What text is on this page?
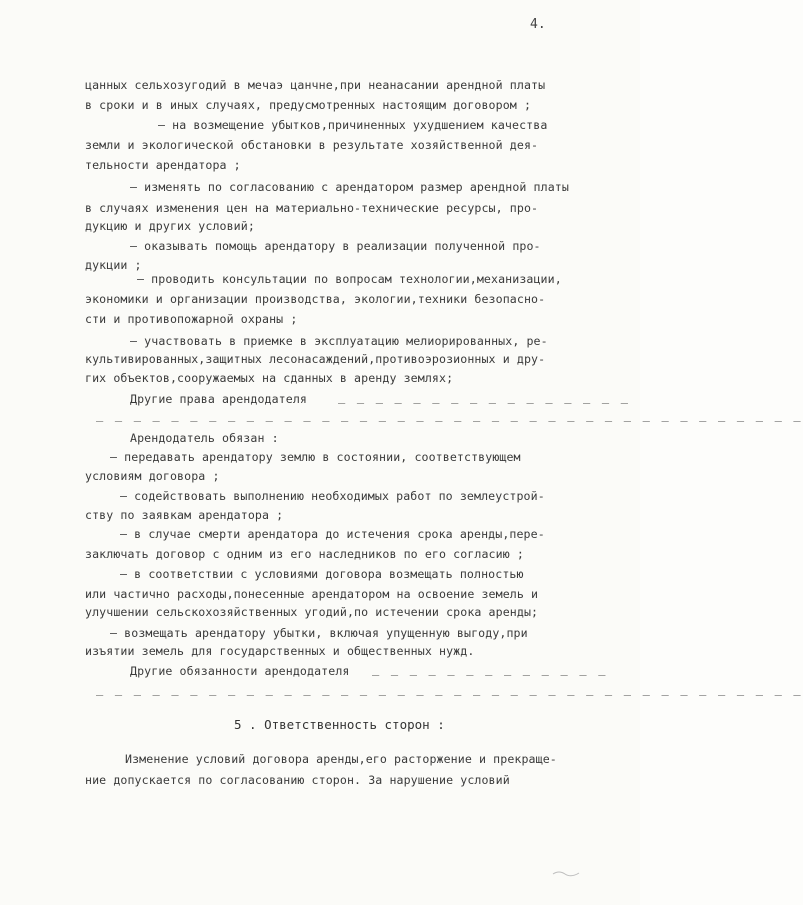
4.
цанных сельхозугодий в мечаэ цанчне,при неанасании арендной платы
в сроки и в иных случаях, предусмотренных настоящим договором ;
– на возмещение убытков,причиненных ухудшением качества
земли и экологической обстановки в результате хозяйственной дея-
тельности арендатора ;
– изменять по согласованию с арендатором размер арендной платы
в случаях изменения цен на материально-технические ресурсы, про-
дукцию и других условий;
– оказывать помощь арендатору в реализации полученной про-
дукции ;
– проводить консультации по вопросам технологии,механизации,
экономики и организации производства, экологии,техники безопасно-
сти и противопожарной охраны ;
– участвовать в приемке в эксплуатацию мелиорированных, ре-
культивированных,защитных лесонасаждений,противоэрозионных и дру-
гих объектов,сооружаемых на сданных в аренду землях;
Другие права арендодателя	_ _ _ _ _ _ _ _ _ _ _ _ _ _ _ _
_ _ _ _ _ _ _ _ _ _ _ _ _ _ _ _ _ _ _ _ _ _ _ _ _ _ _ _ _ _ _ _ _ _ _ _ _ _
Арендодатель обязан :
– передавать арендатору землю в состоянии, соответствующем
условиям договора ;
– содействовать выполнению необходимых работ по землеустрой-
ству по заявкам арендатора ;
– в случае смерти арендатора до истечения срока аренды,пере-
заключать договор с одним из его наследников по его согласию ;
– в соответствии с условиями договора возмещать полностью
или частично расходы,понесенные арендатором на освоение земель и
улучшении сельскохозяйственных угодий,по истечении срока аренды;
– возмещать арендатору убытки, включая упущенную выгоду,при
изъятии земель для государственных и общественных нужд.
Другие обязанности арендодателя _ _ _ _ _ _ _ _ _ _ _ _ _
_ _ _ _ _ _ _ _ _ _ _ _ _ _ _ _ _ _ _ _ _ _ _ _ _ _ _ _ _ _ _ _ _ _ _ _ _ _
5 . Ответственность сторон :
Изменение условий договора аренды,его расторжение и прекраще-
ние допускается по согласованию сторон. За нарушение условий
